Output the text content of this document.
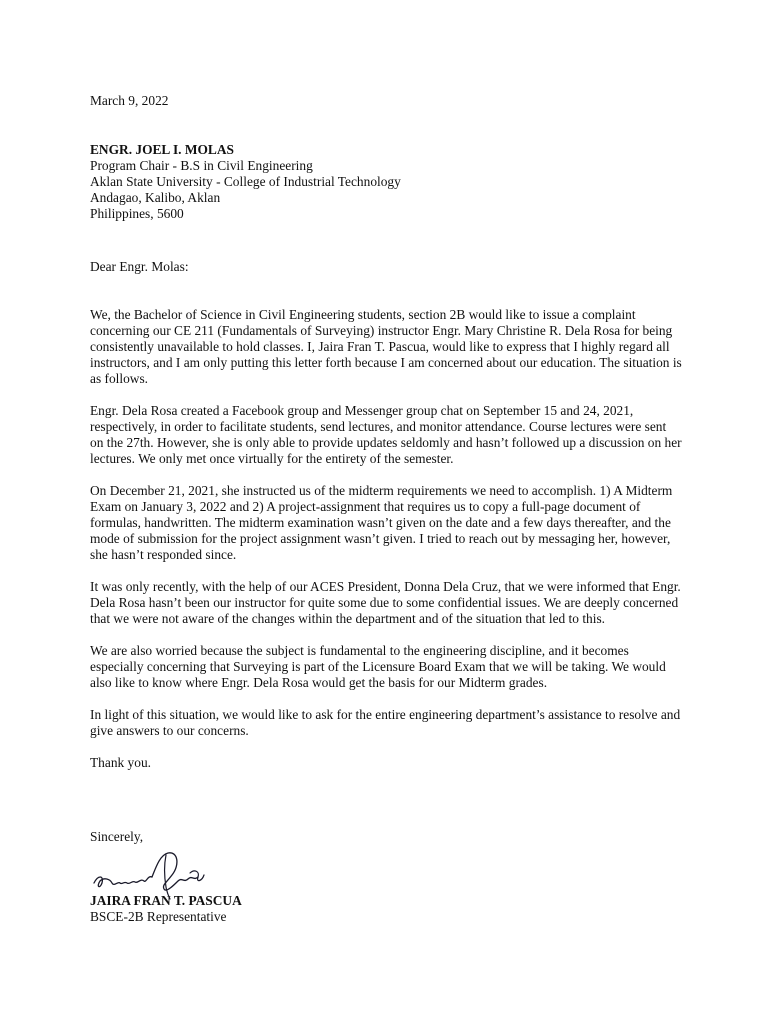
March 9, 2022
ENGR. JOEL I. MOLAS
Program Chair - B.S in Civil Engineering
Aklan State University - College of Industrial Technology
Andagao, Kalibo, Aklan
Philippines, 5600
Dear Engr. Molas:

We, the Bachelor of Science in Civil Engineering students, section 2B would like to issue a complaint concerning our CE 211 (Fundamentals of Surveying) instructor Engr. Mary Christine R. Dela Rosa for being consistently unavailable to hold classes. I, Jaira Fran T. Pascua, would like to express that I highly regard all instructors, and I am only putting this letter forth because I am concerned about our education. The situation is as follows.

Engr. Dela Rosa created a Facebook group and Messenger group chat on September 15 and 24, 2021, respectively, in order to facilitate students, send lectures, and monitor attendance. Course lectures were sent on the 27th. However, she is only able to provide updates seldomly and hasn’t followed up a discussion on her lectures. We only met once virtually for the entirety of the semester.

On December 21, 2021, she instructed us of the midterm requirements we need to accomplish. 1) A Midterm Exam on January 3, 2022 and 2) A project-assignment that requires us to copy a full-page document of formulas, handwritten. The midterm examination wasn’t given on the date and a few days thereafter, and the mode of submission for the project assignment wasn’t given. I tried to reach out by messaging her, however, she hasn’t responded since.

It was only recently, with the help of our ACES President, Donna Dela Cruz, that we were informed that Engr. Dela Rosa hasn’t been our instructor for quite some due to some confidential issues. We are deeply concerned that we were not aware of the changes within the department and of the situation that led to this.

We are also worried because the subject is fundamental to the engineering discipline, and it becomes especially concerning that Surveying is part of the Licensure Board Exam that we will be taking. We would also like to know where Engr. Dela Rosa would get the basis for our Midterm grades.

In light of this situation, we would like to ask for the entire engineering department’s assistance to resolve and give answers to our concerns.

Thank you.

Sincerely,
JAIRA FRAN T. PASCUA
BSCE-2B Representative
